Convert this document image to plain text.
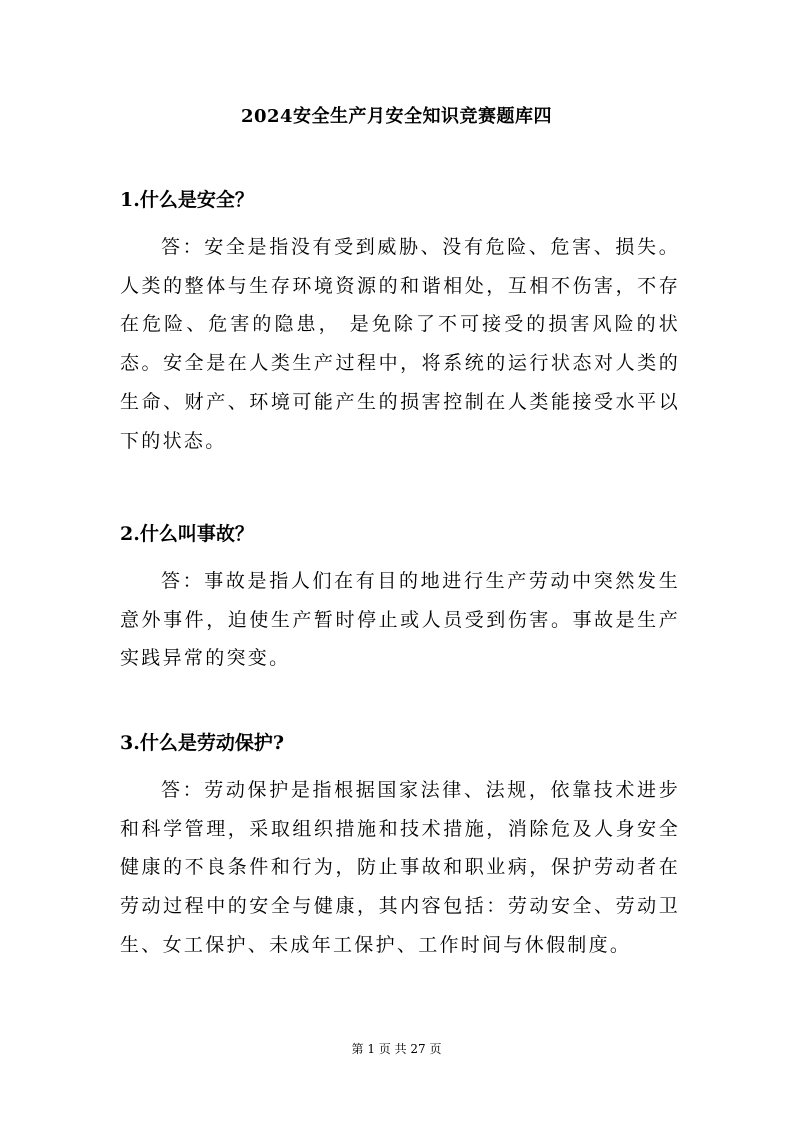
2024安全生产月安全知识竞赛题库四
1.什么是安全？

答：安全是指没有受到威胁、没有危险、危害、损失。人类的整体与生存环境资源的和谐相处，互相不伤害，不存在危险、危害的隐患， 是免除了不可接受的损害风险的状态。安全是在人类生产过程中，将系统的运行状态对人类的生命、财产、环境可能产生的损害控制在人类能接受水平以下的状态。

2.什么叫事故？

答：事故是指人们在有目的地进行生产劳动中突然发生意外事件，迫使生产暂时停止或人员受到伤害。事故是生产实践异常的突变。

3.什么是劳动保护?

答：劳动保护是指根据国家法律、法规，依靠技术进步和科学管理，采取组织措施和技术措施，消除危及人身安全健康的不良条件和行为，防止事故和职业病，保护劳动者在劳动过程中的安全与健康，其内容包括：劳动安全、劳动卫生、女工保护、未成年工保护、工作时间与休假制度。

第 1 页 共 27 页
